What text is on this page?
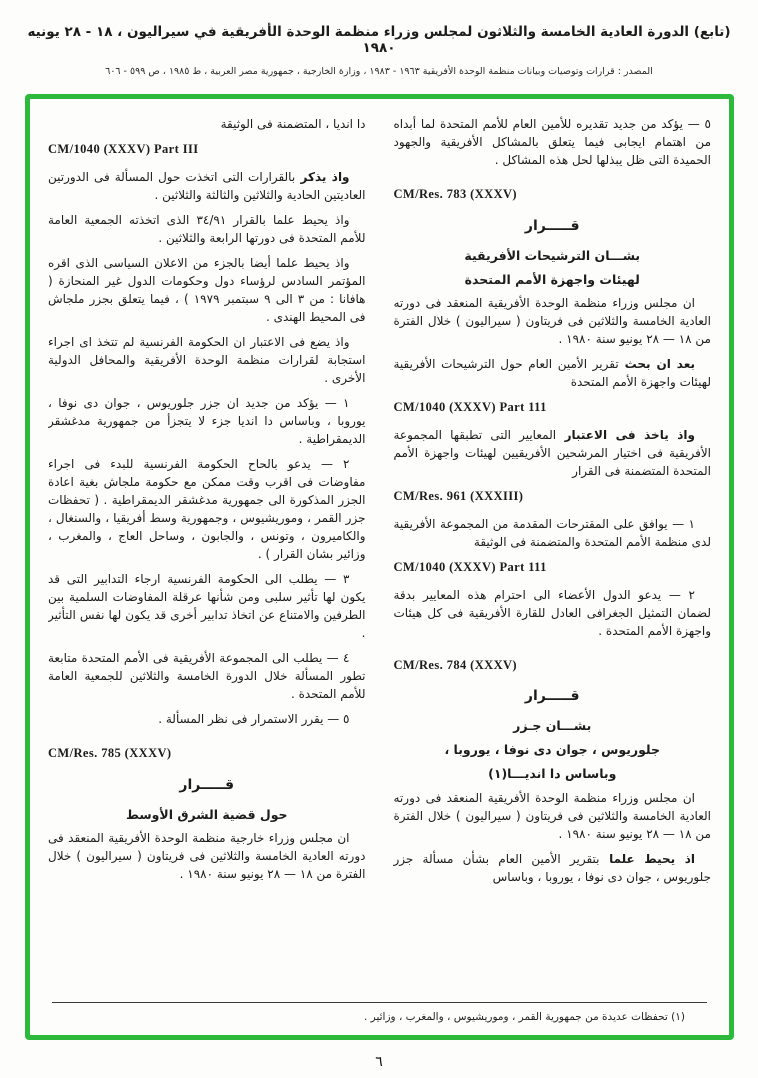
(تابع) الدورة العادية الخامسة والثلاثون لمجلس وزراء منظمة الوحدة الأفريقية في سيراليون ، ١٨ - ٢٨ يونيه ١٩٨٠
المصدر : قرارات وتوصيات وبيانات منظمة الوحدة الأفريقية ١٩٦٣ - ١٩٨٣ ، وزارة الخارجية ، جمهورية مصر العربية ، ط ١٩٨٥ ، ص ٥٩٩ - ٦٠٦
٥ — يؤكد من جديد تقديره للأمين العام للأمم المتحدة لما أبداه من اهتمام ايجابى فيما يتعلق بالمشاكل الأفريقية والجهود الحميدة التى ظل يبذلها لحل هذه المشاكل .
CM/Res. 783 (XXXV)
قـــــرار
بشـــان الترشيحات الأفريقية
لهيئات واجهزة الأمم المتحدة
ان مجلس وزراء منظمة الوحدة الأفريقية المنعقد فى دورته العادية الخامسة والثلاثين فى فريتاون ( سيراليون ) خلال الفترة من ١٨ — ٢٨ يونيو سنة ١٩٨٠ .
بعد ان بحث تقرير الأمين العام حول الترشيحات الأفريقية لهيئات واجهزة الأمم المتحدة
CM/1040 (XXXV) Part 111
واذ ياخذ فى الاعتبار المعايير التى تطبقها المجموعة الأفريقية فى اختيار المرشحين الأفريقيين لهيئات واجهزة الأمم المتحدة المتضمنة فى القرار
CM/Res. 961 (XXXIII)
١ — يوافق على المقترحات المقدمة من المجموعة الأفريقية لدى منظمة الأمم المتحدة والمتضمنة فى الوثيقة
CM/1040 (XXXV) Part 111
٢ — يدعو الدول الأعضاء الى احترام هذه المعايير بدقة لضمان التمثيل الجغرافى العادل للقارة الأفريقية فى كل هيئات واجهزة الأمم المتحدة .
CM/Res. 784 (XXXV)
قـــــرار
بشـــان جـزر
جلوريوس ، جوان دى نوفا ، يوروبا ،
وباساس دا انديـــا(١)
ان مجلس وزراء منظمة الوحدة الأفريقية المنعقد فى دورته العادية الخامسة والثلاثين فى فريتاون ( سيراليون ) خلال الفترة من ١٨ — ٢٨ يونيو سنة ١٩٨٠ .
اذ يحيط علما بتقرير الأمين العام بشأن مسألة جزر جلوريوس ، جوان دى نوفا ، يوروبا ، وباساس
دا انديا ، المتضمنة فى الوثيقة
CM/1040 (XXXV) Part III
واذ يذكر بالقرارات التى اتخذت حول المسألة فى الدورتين العاديتين الحادية والثلاثين والثالثة والثلاثين .
واذ يحيط علما بالقرار ٣٤/٩١ الذى اتخذته الجمعية العامة للأمم المتحدة فى دورتها الرابعة والثلاثين .
واذ يحيط علما أيضا بالجزء من الاعلان السياسى الذى اقره المؤتمر السادس لرؤساء دول وحكومات الدول غير المنحازة ( هافانا : من ٣ الى ٩ سبتمبر ١٩٧٩ ) ، فيما يتعلق بجزر ملجاش فى المحيط الهندى .
واذ يضع فى الاعتبار ان الحكومة الفرنسية لم تتخذ اى اجراء استجابة لقرارات منظمة الوحدة الأفريقية والمحافل الدولية الأخرى .
١ — يؤكد من جديد ان جزر جلوريوس ، جوان دى نوفا ، يوروبا ، وباساس دا انديا جزء لا يتجزأ من جمهورية مدغشقر الديمقراطية .
٢ — يدعو بالحاح الحكومة الفرنسية للبدء فى اجراء مفاوضات فى اقرب وقت ممكن مع حكومة ملجاش بغية اعادة الجزر المذكورة الى جمهورية مدغشقر الديمقراطية . ( تحفظات جزر القمر ، وموريشيوس ، وجمهورية وسط أفريقيا ، والسنغال ، والكاميرون ، وتونس ، والجابون ، وساحل العاج ، والمغرب ، وزائير بشان القرار ) .
٣ — يطلب الى الحكومة الفرنسية ارجاء التدابير التى قد يكون لها تأثير سلبى ومن شأنها عرقلة المفاوضات السلمية بين الطرفين والامتناع عن اتخاذ تدابير أخرى قد يكون لها نفس التأثير .
٤ — يطلب الى المجموعة الأفريقية فى الأمم المتحدة متابعة تطور المسألة خلال الدورة الخامسة والثلاثين للجمعية العامة للأمم المتحدة .
٥ — يقرر الاستمرار فى نظر المسألة .
CM/Res. 785 (XXXV)
قـــــرار
حول قضية الشرق الأوسط
ان مجلس وزراء خارجية منظمة الوحدة الأفريقية المنعقد فى دورته العادية الخامسة والثلاثين فى فريتاون ( سيراليون ) خلال الفترة من ١٨ — ٢٨ يونيو سنة ١٩٨٠ .
(١) تحفظات عديدة من جمهورية القمر ، وموريشيوس ، والمغرب ، وزائير .
٦
